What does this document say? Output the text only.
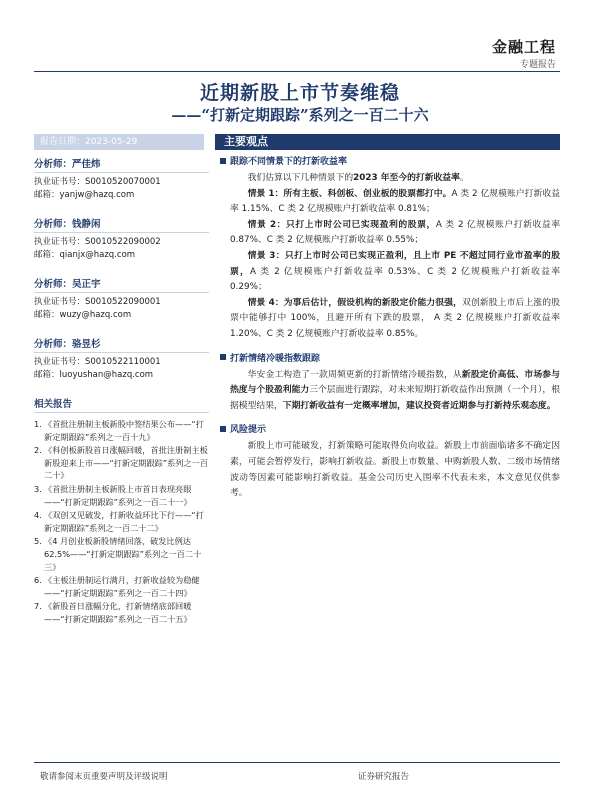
金融工程
专题报告
近期新股上市节奏维稳
——“打新定期跟踪”系列之一百二十六
报告日期：2023-05-29	主要观点
分析师：严佳炜
执业证书号：S0010520070001
邮箱：yanjw@hazq.com
分析师：钱静闲
执业证书号：S0010522090002
邮箱：qianjx@hazq.com
分析师：吴正宇
执业证书号：S0010522090001
邮箱：wuzy@hazq.com
分析师：骆昱杉
执业证书号：S0010522110001
邮箱：luoyushan@hazq.com
相关报告
1. 《首批注册制主板新股中签结果公布——“打新定期跟踪”系列之一百十九》
2. 《科创板新股首日涨幅回暖，首批注册制主板新股迎来上市——“打新定期跟踪”系列之一百二十》
3. 《首批注册制主板新股上市首日表现亮眼——“打新定期跟踪”系列之一百二十一》
4. 《双创又见破发，打新收益环比下行——“打新定期跟踪”系列之一百二十二》
5. 《4 月创业板新股情绪回落，破发比例达 62.5%——“打新定期跟踪”系列之一百二十三》
6. 《主板注册制运行满月，打新收益较为稳健——“打新定期跟踪”系列之一百二十四》
7. 《新股首日涨幅分化，打新情绪底部回暖——“打新定期跟踪”系列之一百二十五》
跟踪不同情景下的打新收益率

我们估算以下几种情景下的2023 年至今的打新收益率。

情景 1：所有主板、科创板、创业板的股票都打中。A 类 2 亿规模账户打新收益率 1.15%、C 类 2 亿规模账户打新收益率 0.81%；

情景 2：只打上市时公司已实现盈利的股票，A 类 2 亿规模账户打新收益率 0.87%、C 类 2 亿规模账户打新收益率 0.55%；

情景 3：只打上市时公司已实现正盈利，且上市 PE 不超过同行业市盈率的股票，A 类 2 亿规模账户打新收益率 0.53%、C 类 2 亿规模账户打新收益率 0.29%；

情景 4：为事后估计，假设机构的新股定价能力很强，双创新股上市后上涨的股票中能够打中 100%，且避开所有下跌的股票， A 类 2 亿规模账户打新收益率 1.20%、C 类 2 亿规模账户打新收益率 0.85%。

打新情绪冷暖指数跟踪

华安金工构造了一款周频更新的打新情绪冷暖指数，从新股定价高低、市场参与热度与个股盈利能力三个层面进行跟踪，对未来短期打新收益作出预测（一个月），根据模型结果，下期打新收益有一定概率增加，建议投资者近期参与打新持乐观态度。

风险提示

新股上市可能破发，打新策略可能取得负向收益。新股上市前面临诸多不确定因素，可能会暂停发行，影响打新收益。新股上市数量、申购新股人数、二级市场情绪波动等因素可能影响打新收益。基金公司历史入围率不代表未来，本文意见仅供参考。

敬请参阅末页重要声明及评级说明	证券研究报告
